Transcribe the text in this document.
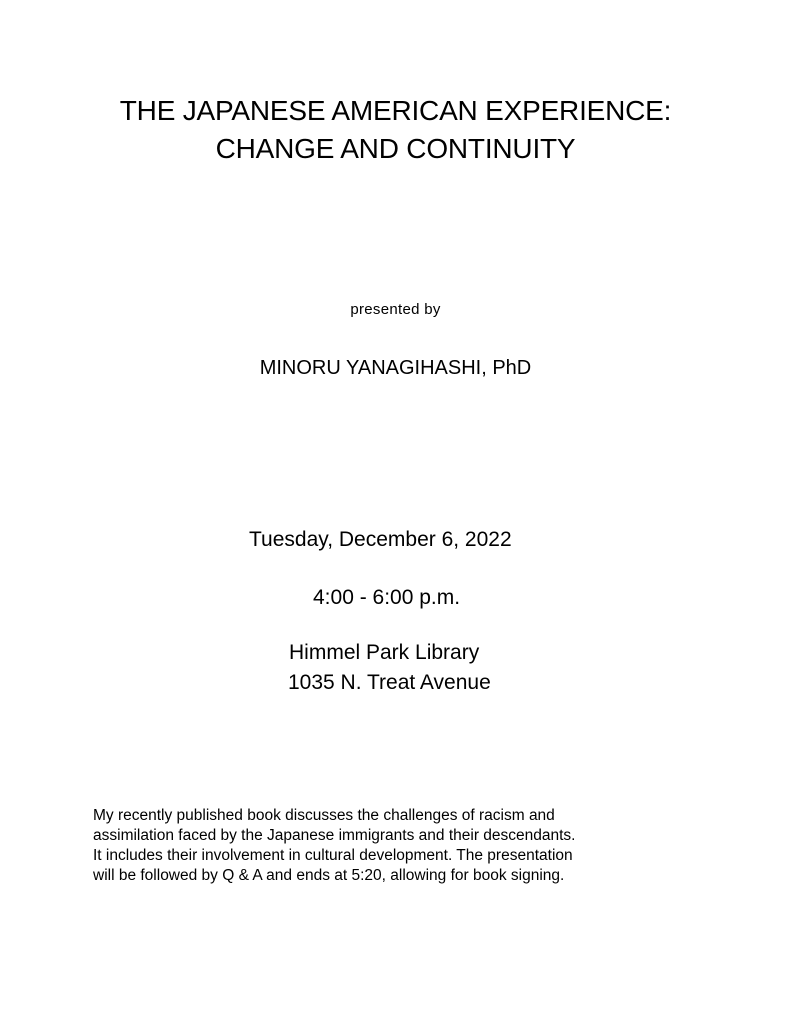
THE JAPANESE AMERICAN EXPERIENCE:
CHANGE AND CONTINUITY
presented by
MINORU YANAGIHASHI, PhD
Tuesday, December 6, 2022
4:00 - 6:00 p.m.
Himmel Park Library
1035 N. Treat Avenue
My recently published book discusses the challenges of racism and
assimilation faced by the Japanese immigrants and their descendants.
It includes their involvement in cultural development. The presentation
will be followed by Q & A and ends at 5:20, allowing for book signing.
